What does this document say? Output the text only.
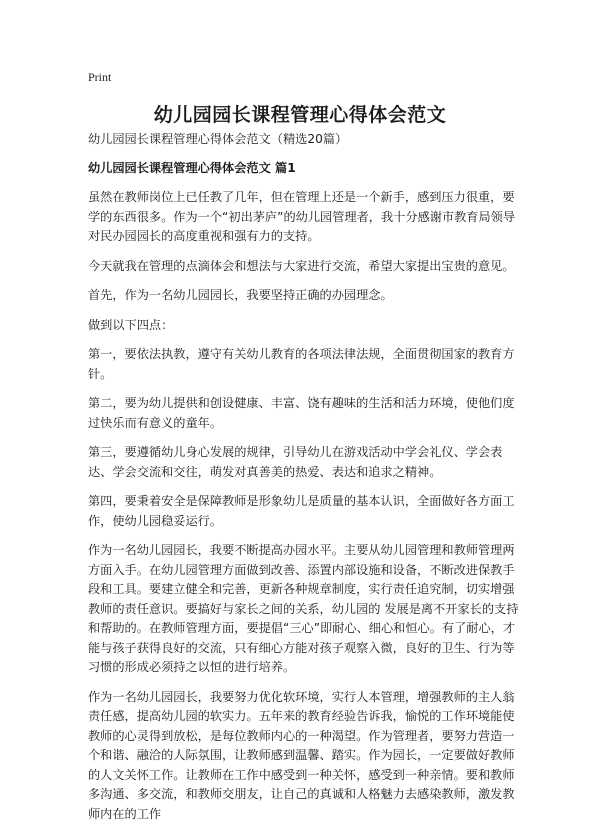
Print
幼儿园园长课程管理心得体会范文

幼儿园园长课程管理心得体会范文（精选20篇）

幼儿园园长课程管理心得体会范文 篇1

虽然在教师岗位上已任教了几年，但在管理上还是一个新手，感到压力很重，要学的东西很多。作为一个“初出茅庐”的幼儿园管理者，我十分感谢市教育局领导对民办园园长的高度重视和强有力的支持。

今天就我在管理的点滴体会和想法与大家进行交流，希望大家提出宝贵的意见。

首先，作为一名幼儿园园长，我要坚持正确的办园理念。

做到以下四点：

第一，要依法执教，遵守有关幼儿教育的各项法律法规，全面贯彻国家的教育方针。

第二，要为幼儿提供和创设健康、丰富、饶有趣味的生活和活力环境，使他们度过快乐而有意义的童年。

第三，要遵循幼儿身心发展的规律，引导幼儿在游戏活动中学会礼仪、学会表达、学会交流和交往，萌发对真善美的热爱、表达和追求之精神。

第四，要秉着安全是保障教师是形象幼儿是质量的基本认识，全面做好各方面工作，使幼儿园稳妥运行。

作为一名幼儿园园长，我要不断提高办园水平。主要从幼儿园管理和教师管理两方面入手。在幼儿园管理方面做到改善、添置内部设施和设备，不断改进保教手段和工具。要建立健全和完善，更新各种规章制度，实行责任追究制，切实增强教师的责任意识。要搞好与家长之间的关系，幼儿园的 发展是离不开家长的支持和帮助的。在教师管理方面，要提倡“三心”即耐心、细心和恒心。有了耐心，才能与孩子获得良好的交流，只有细心方能对孩子观察入微，良好的卫生、行为等习惯的形成必须持之以恒的进行培养。

作为一名幼儿园园长，我要努力优化软环境，实行人本管理，增强教师的主人翁责任感，提高幼儿园的软实力。五年来的教育经验告诉我，愉悦的工作环境能使教师的心灵得到放松，是每位教师内心的一种渴望。作为管理者，要努力营造一个和谐、融洽的人际氛围，让教师感到温馨、踏实。作为园长，一定要做好教师的人文关怀工作。让教师在工作中感受到一种关怀，感受到一种亲情。要和教师多沟通、多交流，和教师交朋友，让自己的真诚和人格魅力去感染教师，激发教师内在的工作
